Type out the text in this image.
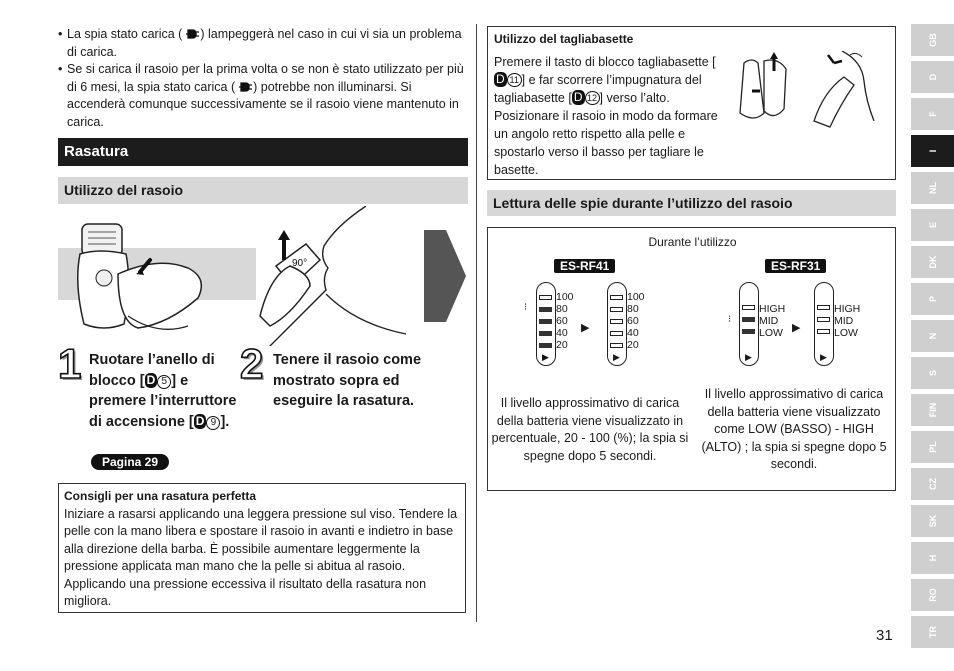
• La spia stato carica ( ) lampeggerà nel caso in cui vi sia un problema di carica.
• Se si carica il rasoio per la prima volta o se non è stato utilizzato per più di 6 mesi, la spia stato carica ( ) potrebbe non illuminarsi. Si accenderà comunque successivamente se il rasoio viene mantenuto in carica.
Rasatura
Utilizzo del rasoio
90°
1 Ruotare l’anello di blocco [ D 5 ] e premere l’interruttore di accensione [ D 9 ].
Pagina 29
2 Tenere il rasoio come mostrato sopra ed eseguire la rasatura.
Consigli per una rasatura perfetta
Iniziare a rasarsi applicando una leggera pressione sul viso. Tendere la pelle con la mano libera e spostare il rasoio in avanti e indietro in base alla direzione della barba. È possibile aumentare leggermente la pressione applicata man mano che la pelle si abitua al rasoio. Applicando una pressione eccessiva il risultato della rasatura non migliora.
Utilizzo del tagliabasette
Premere il tasto di blocco tagliabasette [D 11 ] e far scorrere l’impugnatura del tagliabasette [ D 12 ] verso l’alto. Posizionare il rasoio in modo da formare un angolo retto rispetto alla pelle e spostarlo verso il basso per tagliare le basette.
Lettura delle spie durante l’utilizzo del rasoio
Durante l’utilizzo
ES-RF41	ES-RF31
▶
100
80
60
40
20
⁝
▶
▶
100
80
60
40
20
▶
HIGH
MID
LOW
⁝
▶
▶
HIGH
MID
LOW
Il livello approssimativo di carica della batteria viene visualizzato in percentuale, 20 - 100 (%); la spia si spegne dopo 5 secondi.
Il livello approssimativo di carica della batteria viene visualizzato come LOW (BASSO) - HIGH (ALTO) ; la spia si spegne dopo 5 secondi.
GB
D
F
I
NL
E
DK
P
N
S
FIN
PL
CZ
SK
H
RO
TR
31
